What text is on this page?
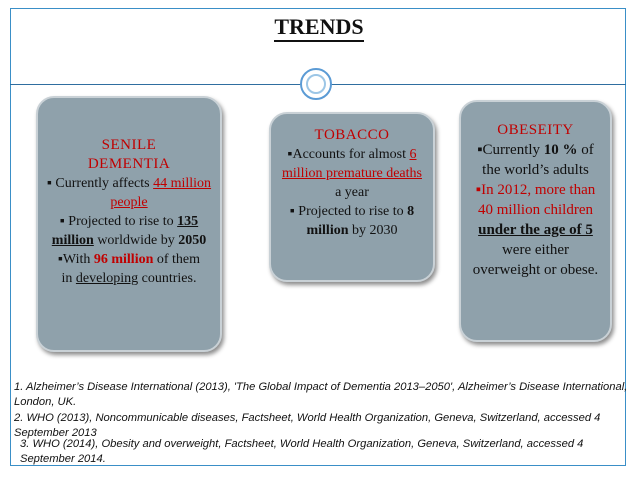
TRENDS
SENILE
DEMENTIA
▪ Currently affects 44 million people
▪ Projected to rise to 135 million worldwide by 2050
▪With 96 million of them in developing countries.
TOBACCO
▪Accounts for almost 6 million premature deaths a year
▪ Projected to rise to 8 million by 2030
OBESEITY
▪Currently 10 % of the world’s adults
▪In 2012, more than 40 million children under the age of 5 were either overweight or obese.
1. Alzheimer’s Disease International (2013), 'The Global Impact of Dementia 2013–2050', Alzheimer’s Disease International, London, UK.
2. WHO (2013), Noncommunicable diseases, Factsheet, World Health Organization, Geneva, Switzerland, accessed 4 September 2013
3. WHO (2014), Obesity and overweight, Factsheet, World Health Organization, Geneva, Switzerland, accessed 4 September 2014.
